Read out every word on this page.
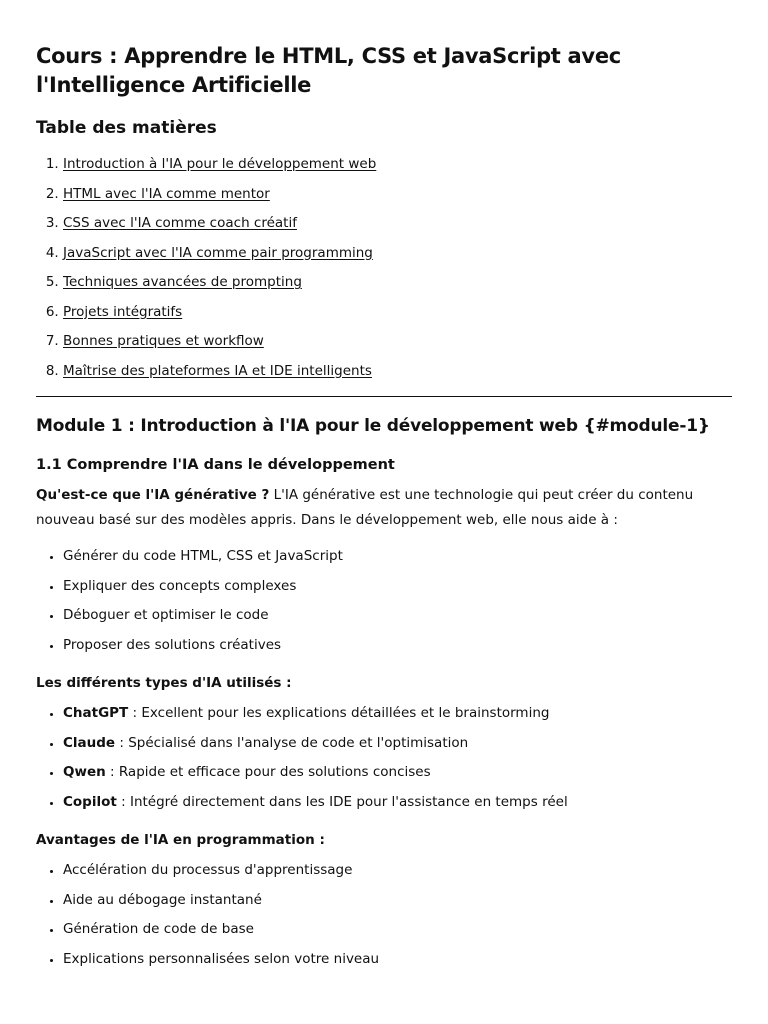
Cours : Apprendre le HTML, CSS et JavaScript avec l'Intelligence Artificielle
Table des matières
1. Introduction à l'IA pour le développement web
2. HTML avec l'IA comme mentor
3. CSS avec l'IA comme coach créatif
4. JavaScript avec l'IA comme pair programming
5. Techniques avancées de prompting
6. Projets intégratifs
7. Bonnes pratiques et workflow
8. Maîtrise des plateformes IA et IDE intelligents
Module 1 : Introduction à l'IA pour le développement web {#module-1}
1.1 Comprendre l'IA dans le développement

Qu'est-ce que l'IA générative ? L'IA générative est une technologie qui peut créer du contenu nouveau basé sur des modèles appris. Dans le développement web, elle nous aide à :

• Générer du code HTML, CSS et JavaScript
• Expliquer des concepts complexes
• Déboguer et optimiser le code
• Proposer des solutions créatives

Les différents types d'IA utilisés :

• ChatGPT : Excellent pour les explications détaillées et le brainstorming
• Claude : Spécialisé dans l'analyse de code et l'optimisation
• Qwen : Rapide et efficace pour des solutions concises
• Copilot : Intégré directement dans les IDE pour l'assistance en temps réel

Avantages de l'IA en programmation :

• Accélération du processus d'apprentissage
• Aide au débogage instantané
• Génération de code de base
• Explications personnalisées selon votre niveau
